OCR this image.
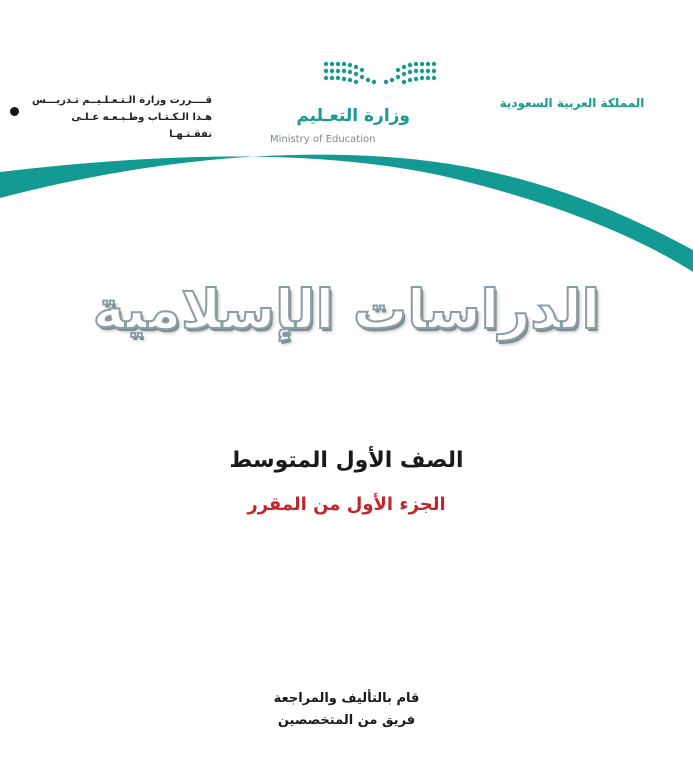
المملكة العربية السعودية
وزارة التعـليم
Ministry of Education
قــــررت وزارة الـتـعـلـيــم تـدريـــس
هـذا الـكـتـاب وطـبـعـه عـلـى نفقـتـهـا
الدراسات الإسلامية
الصف الأول المتوسط
الجزء الأول من المقرر
قام بالتأليف والمراجعة
فريق من المتخصصين
